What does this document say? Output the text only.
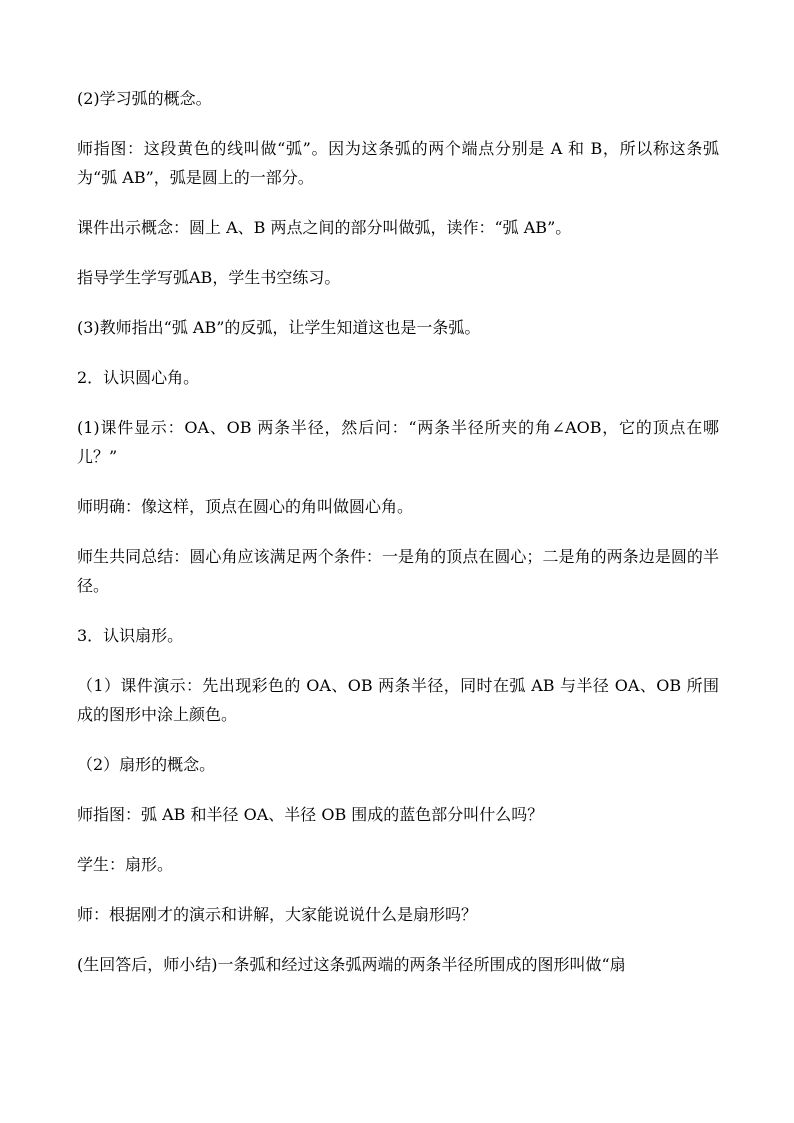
(2)学习弧的概念。

师指图：这段黄色的线叫做“弧”。因为这条弧的两个端点分别是 A 和 B，所以称这条弧为“弧 AB”，弧是圆上的一部分。

课件出示概念：圆上 A、B 两点之间的部分叫做弧，读作：“弧 AB”。

指导学生学写弧AB，学生书空练习。

(3)教师指出“弧 AB”的反弧，让学生知道这也是一条弧。

2．认识圆心角。

(1)课件显示：OA、OB 两条半径，然后问：“两条半径所夹的角∠AOB，它的顶点在哪儿？”

师明确：像这样，顶点在圆心的角叫做圆心角。

师生共同总结：圆心角应该满足两个条件：一是角的顶点在圆心；二是角的两条边是圆的半径。

3．认识扇形。

（1）课件演示：先出现彩色的 OA、OB 两条半径，同时在弧 AB 与半径 OA、OB 所围成的图形中涂上颜色。

（2）扇形的概念。

师指图：弧 AB 和半径 OA、半径 OB 围成的蓝色部分叫什么吗？

学生：扇形。

师：根据刚才的演示和讲解，大家能说说什么是扇形吗？

(生回答后，师小结)一条弧和经过这条弧两端的两条半径所围成的图形叫做“扇
